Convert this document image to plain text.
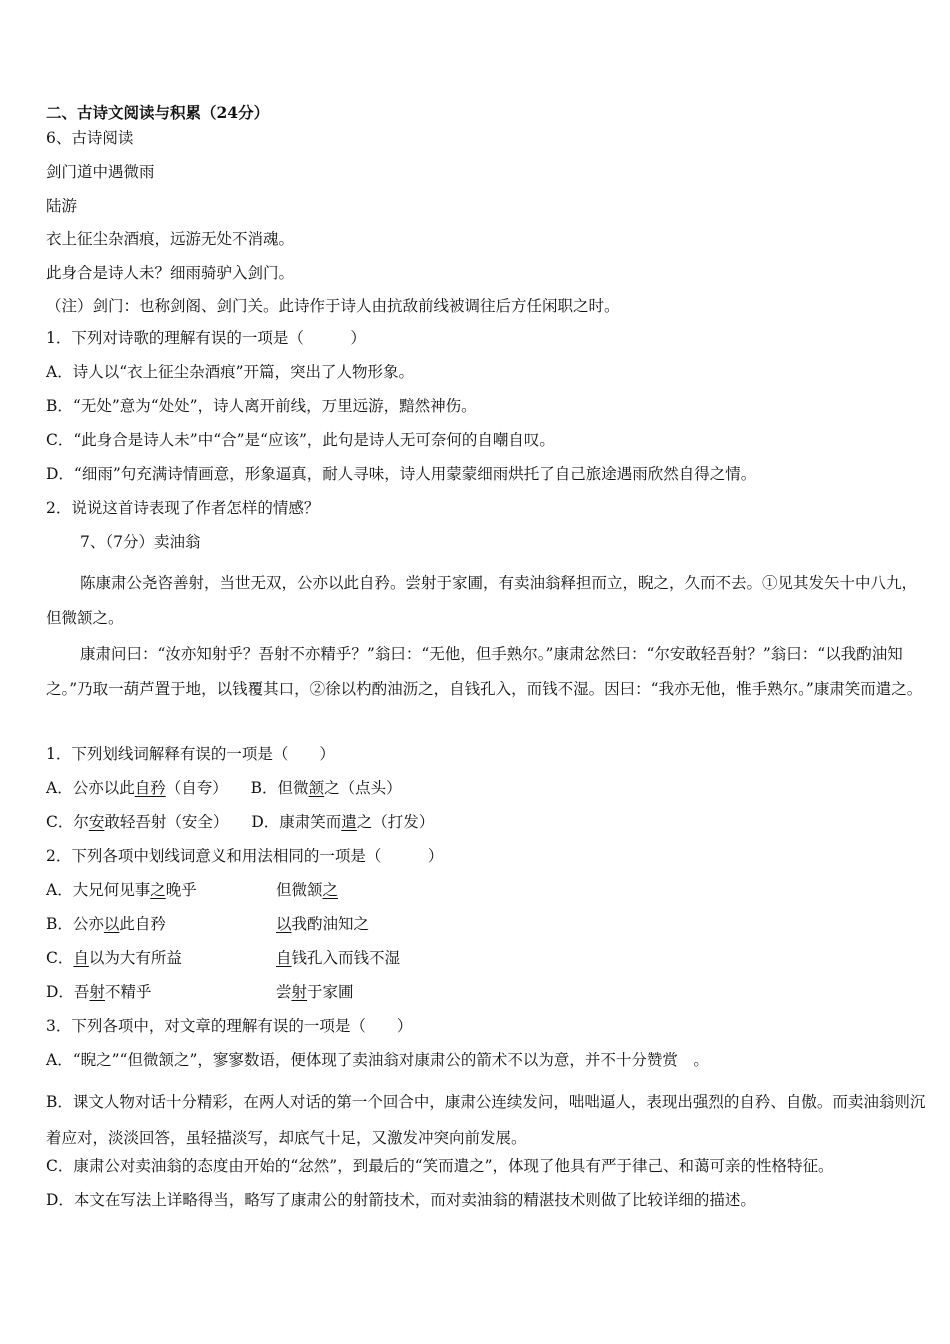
二、古诗文阅读与积累（24分）
6、古诗阅读
剑门道中遇微雨
陆游
衣上征尘杂酒痕，远游无处不消魂。
此身合是诗人未？细雨骑驴入剑门。
（注）剑门：也称剑阁、剑门关。此诗作于诗人由抗敌前线被调往后方任闲职之时。
1．下列对诗歌的理解有误的一项是（　　　）
A．诗人以“衣上征尘杂酒痕”开篇，突出了人物形象。
B．“无处”意为“处处”，诗人离开前线，万里远游，黯然神伤。
C．“此身合是诗人未”中“合”是“应该”，此句是诗人无可奈何的自嘲自叹。
D．“细雨”句充满诗情画意，形象逼真，耐人寻味，诗人用蒙蒙细雨烘托了自己旅途遇雨欣然自得之情。
2．说说这首诗表现了作者怎样的情感？
7、（7分）卖油翁
陈康肃公尧咨善射，当世无双，公亦以此自矜。尝射于家圃，有卖油翁释担而立，睨之，久而不去。①见其发矢十中八九，但微颔之。
康肃问曰：“汝亦知射乎？吾射不亦精乎？”翁曰：“无他，但手熟尔。”康肃忿然曰：“尔安敢轻吾射？”翁曰：“以我酌油知之。”乃取一葫芦置于地，以钱覆其口，②徐以杓酌油沥之，自钱孔入，而钱不湿。因曰：“我亦无他，惟手熟尔。”康肃笑而遣之。
1．下列划线词解释有误的一项是（　　）
A．公亦以此自矜（自夸） B．但微颔之（点头）
C．尔安敢轻吾射（安全） D．康肃笑而遣之（打发）
2．下列各项中划线词意义和用法相同的一项是（　　　）
A．大兄何见事之晚乎	但微颔之
B．公亦以此自矜	以我酌油知之
C．自以为大有所益	自钱孔入而钱不湿
D．吾射不精乎	尝射于家圃
3．下列各项中，对文章的理解有误的一项是（　　）
A．“睨之”“但微颔之”，寥寥数语，便体现了卖油翁对康肃公的箭术不以为意，并不十分赞赏　。
B．课文人物对话十分精彩，在两人对话的第一个回合中，康肃公连续发问，咄咄逼人，表现出强烈的自矜、自傲。而卖油翁则沉着应对，淡淡回答，虽轻描淡写，却底气十足，又激发冲突向前发展。
C．康肃公对卖油翁的态度由开始的“忿然”，到最后的“笑而遣之”，体现了他具有严于律己、和蔼可亲的性格特征。
D．本文在写法上详略得当，略写了康肃公的射箭技术，而对卖油翁的精湛技术则做了比较详细的描述。
